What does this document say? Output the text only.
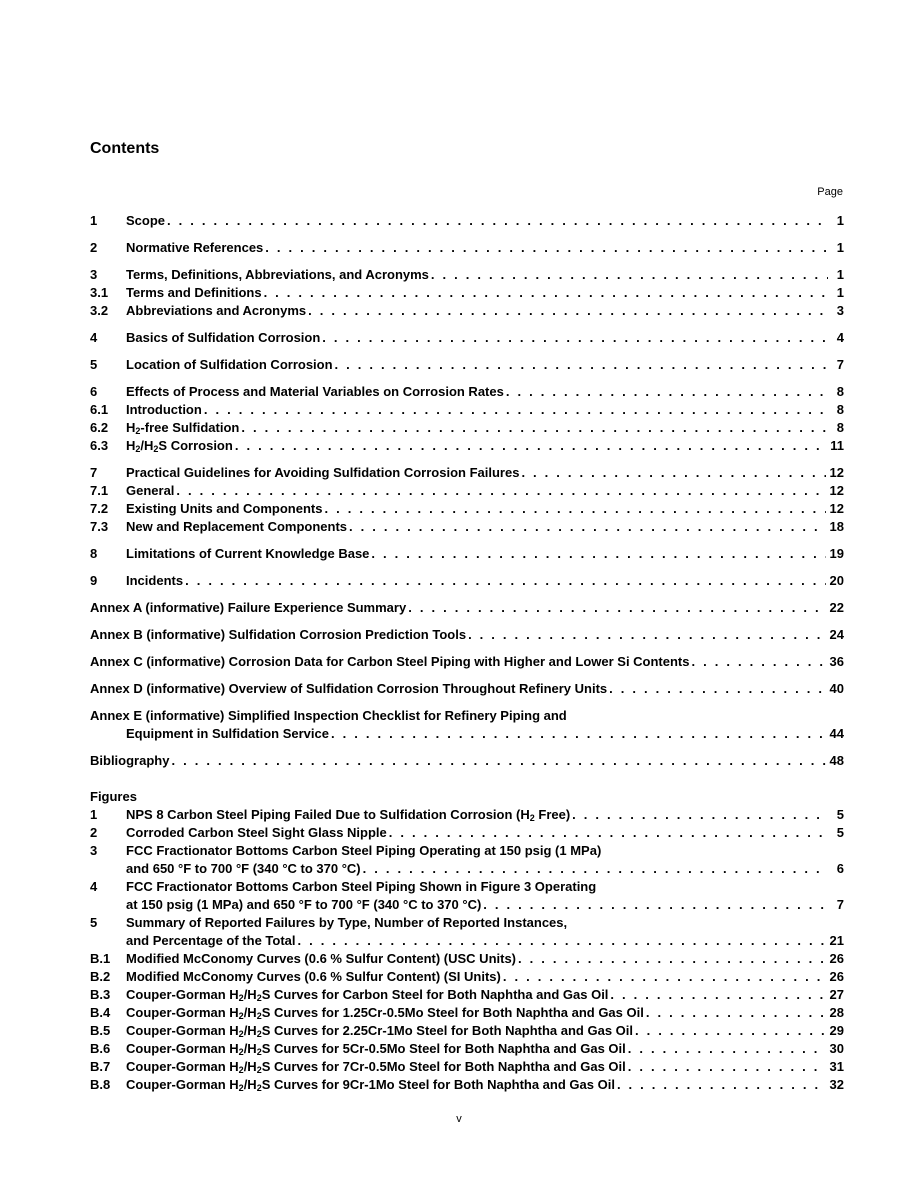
Contents
Page
1	Scope . . .	1
2	Normative References . . .	1
3	Terms, Definitions, Abbreviations, and Acronyms . . .	1
3.1	Terms and Definitions . . .	1
3.2	Abbreviations and Acronyms . . .	3
4	Basics of Sulfidation Corrosion . . .	4
5	Location of Sulfidation Corrosion . . .	7
6	Effects of Process and Material Variables on Corrosion Rates . . .	8
6.1	Introduction . . .	8
6.2	$H_2$-free Sulfidation . . .	8
6.3	$H_2/H_2S$ Corrosion . . .	11
7	Practical Guidelines for Avoiding Sulfidation Corrosion Failures . . .	12
7.1	General . . .	12
7.2	Existing Units and Components . . .	12
7.3	New and Replacement Components . . .	18
8	Limitations of Current Knowledge Base . . .	19
9	Incidents . . .	20
Annex A (informative) Failure Experience Summary . . .	22
Annex B (informative) Sulfidation Corrosion Prediction Tools . . .	24
Annex C (informative) Corrosion Data for Carbon Steel Piping with Higher and Lower Si Contents . . .	36
Annex D (informative) Overview of Sulfidation Corrosion Throughout Refinery Units . . .	40
Annex E (informative) Simplified Inspection Checklist for Refinery Piping and
Equipment in Sulfidation Service . . .	44
Bibliography . . .	48
Figures
1	NPS 8 Carbon Steel Piping Failed Due to Sulfidation Corrosion ($H_2$ Free) . . .	5
2	Corroded Carbon Steel Sight Glass Nipple . . .	5
3	FCC Fractionator Bottoms Carbon Steel Piping Operating at 150 psig (1 MPa)
and 650 °F to 700 °F (340 °C to 370 °C) . . .	6
4	FCC Fractionator Bottoms Carbon Steel Piping Shown in Figure 3 Operating
at 150 psig (1 MPa) and 650 °F to 700 °F (340 °C to 370 °C) . . .	7
5	Summary of Reported Failures by Type, Number of Reported Instances,
and Percentage of the Total . . .	21
B.1	Modified McConomy Curves (0.6 % Sulfur Content) (USC Units) . . .	26
B.2	Modified McConomy Curves (0.6 % Sulfur Content) (SI Units) . . .	26
B.3	Couper-Gorman $H_2/H_2S$ Curves for Carbon Steel for Both Naphtha and Gas Oil . . .	27
B.4	Couper-Gorman $H_2/H_2S$ Curves for 1.25Cr-0.5Mo Steel for Both Naphtha and Gas Oil . . .	28
B.5	Couper-Gorman $H_2/H_2S$ Curves for 2.25Cr-1Mo Steel for Both Naphtha and Gas Oil . . .	29
B.6	Couper-Gorman $H_2/H_2S$ Curves for 5Cr-0.5Mo Steel for Both Naphtha and Gas Oil . . .	30
B.7	Couper-Gorman $H_2/H_2S$ Curves for 7Cr-0.5Mo Steel for Both Naphtha and Gas Oil . . .	31
B.8	Couper-Gorman $H_2/H_2S$ Curves for 9Cr-1Mo Steel for Both Naphtha and Gas Oil . . .	32
v
